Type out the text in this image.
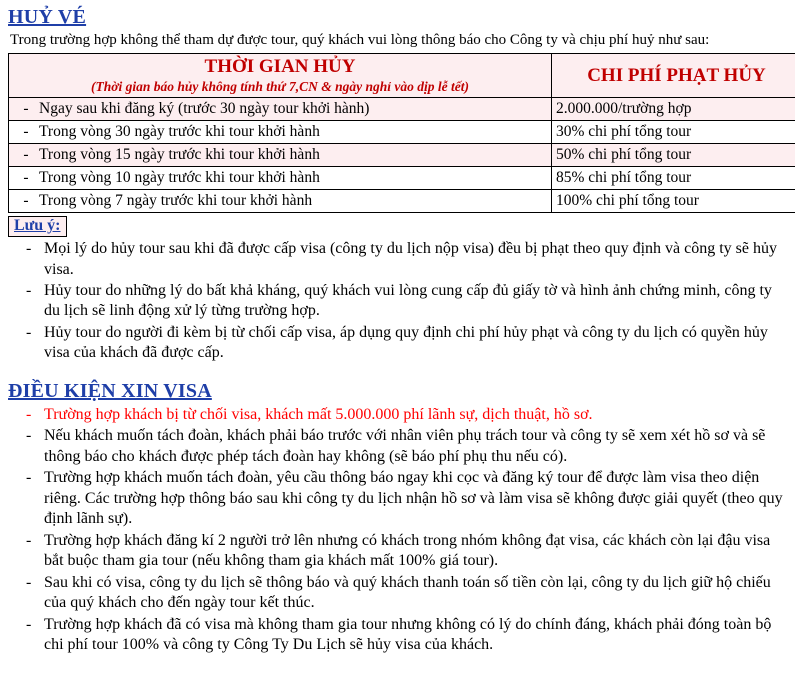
HUỶ VÉ

Trong trường hợp không thể tham dự được tour, quý khách vui lòng thông báo cho Công ty và chịu phí huỷ như sau:

THỜI GIAN HỦY
(Thời gian báo hủy không tính thứ 7,CN & ngày nghỉ vào dịp lễ tết)	CHI PHÍ PHẠT HỦY

- Ngay sau khi đăng ký (trước 30 ngày tour khởi hành)	2.000.000/trường hợp
- Trong vòng 30 ngày trước khi tour khởi hành	30% chi phí tổng tour
- Trong vòng 15 ngày trước khi tour khởi hành	50% chi phí tổng tour
- Trong vòng 10 ngày trước khi tour khởi hành	85% chi phí tổng tour
- Trong vòng 7 ngày trước khi tour khởi hành	100% chi phí tổng tour
Lưu ý:
- Mọi lý do hủy tour sau khi đã được cấp visa (công ty du lịch nộp visa) đều bị phạt theo quy định và công ty sẽ hủy visa.
- Hủy tour do những lý do bất khả kháng, quý khách vui lòng cung cấp đủ giấy tờ và hình ảnh chứng minh, công ty du lịch sẽ linh động xử lý từng trường hợp.
- Hủy tour do người đi kèm bị từ chối cấp visa, áp dụng quy định chi phí hủy phạt và công ty du lịch có quyền hủy visa của khách đã được cấp.
ĐIỀU KIỆN XIN VISA
- Trường hợp khách bị từ chối visa, khách mất 5.000.000 phí lãnh sự, dịch thuật, hồ sơ.
- Nếu khách muốn tách đoàn, khách phải báo trước với nhân viên phụ trách tour và công ty sẽ xem xét hồ sơ và sẽ thông báo cho khách được phép tách đoàn hay không (sẽ báo phí phụ thu nếu có).
- Trường hợp khách muốn tách đoàn, yêu cầu thông báo ngay khi cọc và đăng ký tour để được làm visa theo diện riêng. Các trường hợp thông báo sau khi công ty du lịch nhận hồ sơ và làm visa sẽ không được giải quyết (theo quy định lãnh sự).
- Trường hợp khách đăng kí 2 người trở lên nhưng có khách trong nhóm không đạt visa, các khách còn lại đậu visa bắt buộc tham gia tour (nếu không tham gia khách mất 100% giá tour).
- Sau khi có visa, công ty du lịch sẽ thông báo và quý khách thanh toán số tiền còn lại, công ty du lịch giữ hộ chiếu của quý khách cho đến ngày tour kết thúc.
- Trường hợp khách đã có visa mà không tham gia tour nhưng không có lý do chính đáng, khách phải đóng toàn bộ chi phí tour 100% và công ty Công Ty Du Lịch sẽ hủy visa của khách.
